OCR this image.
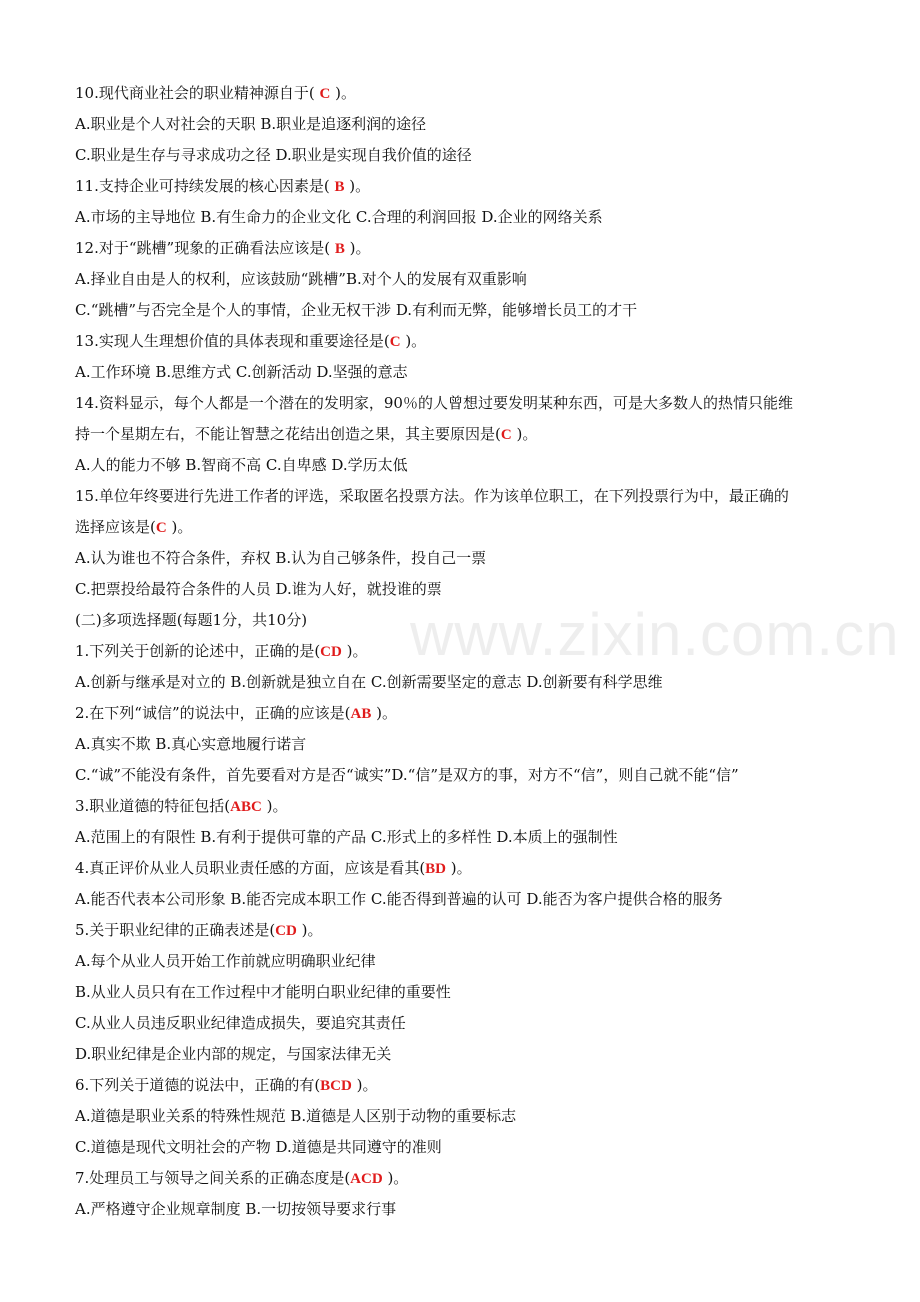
10.现代商业社会的职业精神源自于( C )。
A.职业是个人对社会的天职 B.职业是追逐利润的途径
C.职业是生存与寻求成功之径 D.职业是实现自我价值的途径
11.支持企业可持续发展的核心因素是( B )。
A.市场的主导地位 B.有生命力的企业文化 C.合理的利润回报 D.企业的网络关系
12.对于“跳槽”现象的正确看法应该是( B )。
A.择业自由是人的权利，应该鼓励“跳槽”B.对个人的发展有双重影响
C.“跳槽”与否完全是个人的事情，企业无权干涉 D.有利而无弊，能够增长员工的才干
13.实现人生理想价值的具体表现和重要途径是(C )。
A.工作环境 B.思维方式 C.创新活动 D.坚强的意志
14.资料显示，每个人都是一个潜在的发明家，90％的人曾想过要发明某种东西，可是大多数人的热情只能维
持一个星期左右，不能让智慧之花结出创造之果，其主要原因是(C )。
A.人的能力不够 B.智商不高 C.自卑感 D.学历太低
15.单位年终要进行先进工作者的评选，采取匿名投票方法。作为该单位职工，在下列投票行为中，最正确的
选择应该是(C )。
A.认为谁也不符合条件，弃权 B.认为自己够条件，投自己一票
C.把票投给最符合条件的人员 D.谁为人好，就投谁的票
(二)多项选择题(每题1分，共10分)
1.下列关于创新的论述中，正确的是(CD )。
A.创新与继承是对立的 B.创新就是独立自在 C.创新需要坚定的意志 D.创新要有科学思维
2.在下列“诚信”的说法中，正确的应该是(AB )。
A.真实不欺 B.真心实意地履行诺言
C.“诚”不能没有条件，首先要看对方是否“诚实”D.“信”是双方的事，对方不“信”，则自己就不能“信”
3.职业道德的特征包括(ABC )。
A.范围上的有限性 B.有利于提供可靠的产品 C.形式上的多样性 D.本质上的强制性
4.真正评价从业人员职业责任感的方面，应该是看其(BD )。
A.能否代表本公司形象 B.能否完成本职工作 C.能否得到普遍的认可 D.能否为客户提供合格的服务
5.关于职业纪律的正确表述是(CD )。
A.每个从业人员开始工作前就应明确职业纪律
B.从业人员只有在工作过程中才能明白职业纪律的重要性
C.从业人员违反职业纪律造成损失，要追究其责任
D.职业纪律是企业内部的规定，与国家法律无关
6.下列关于道德的说法中，正确的有(BCD )。
A.道德是职业关系的特殊性规范 B.道德是人区别于动物的重要标志
C.道德是现代文明社会的产物 D.道德是共同遵守的准则
7.处理员工与领导之间关系的正确态度是(ACD )。
A.严格遵守企业规章制度 B.一切按领导要求行事
www.zixin.com.cn
